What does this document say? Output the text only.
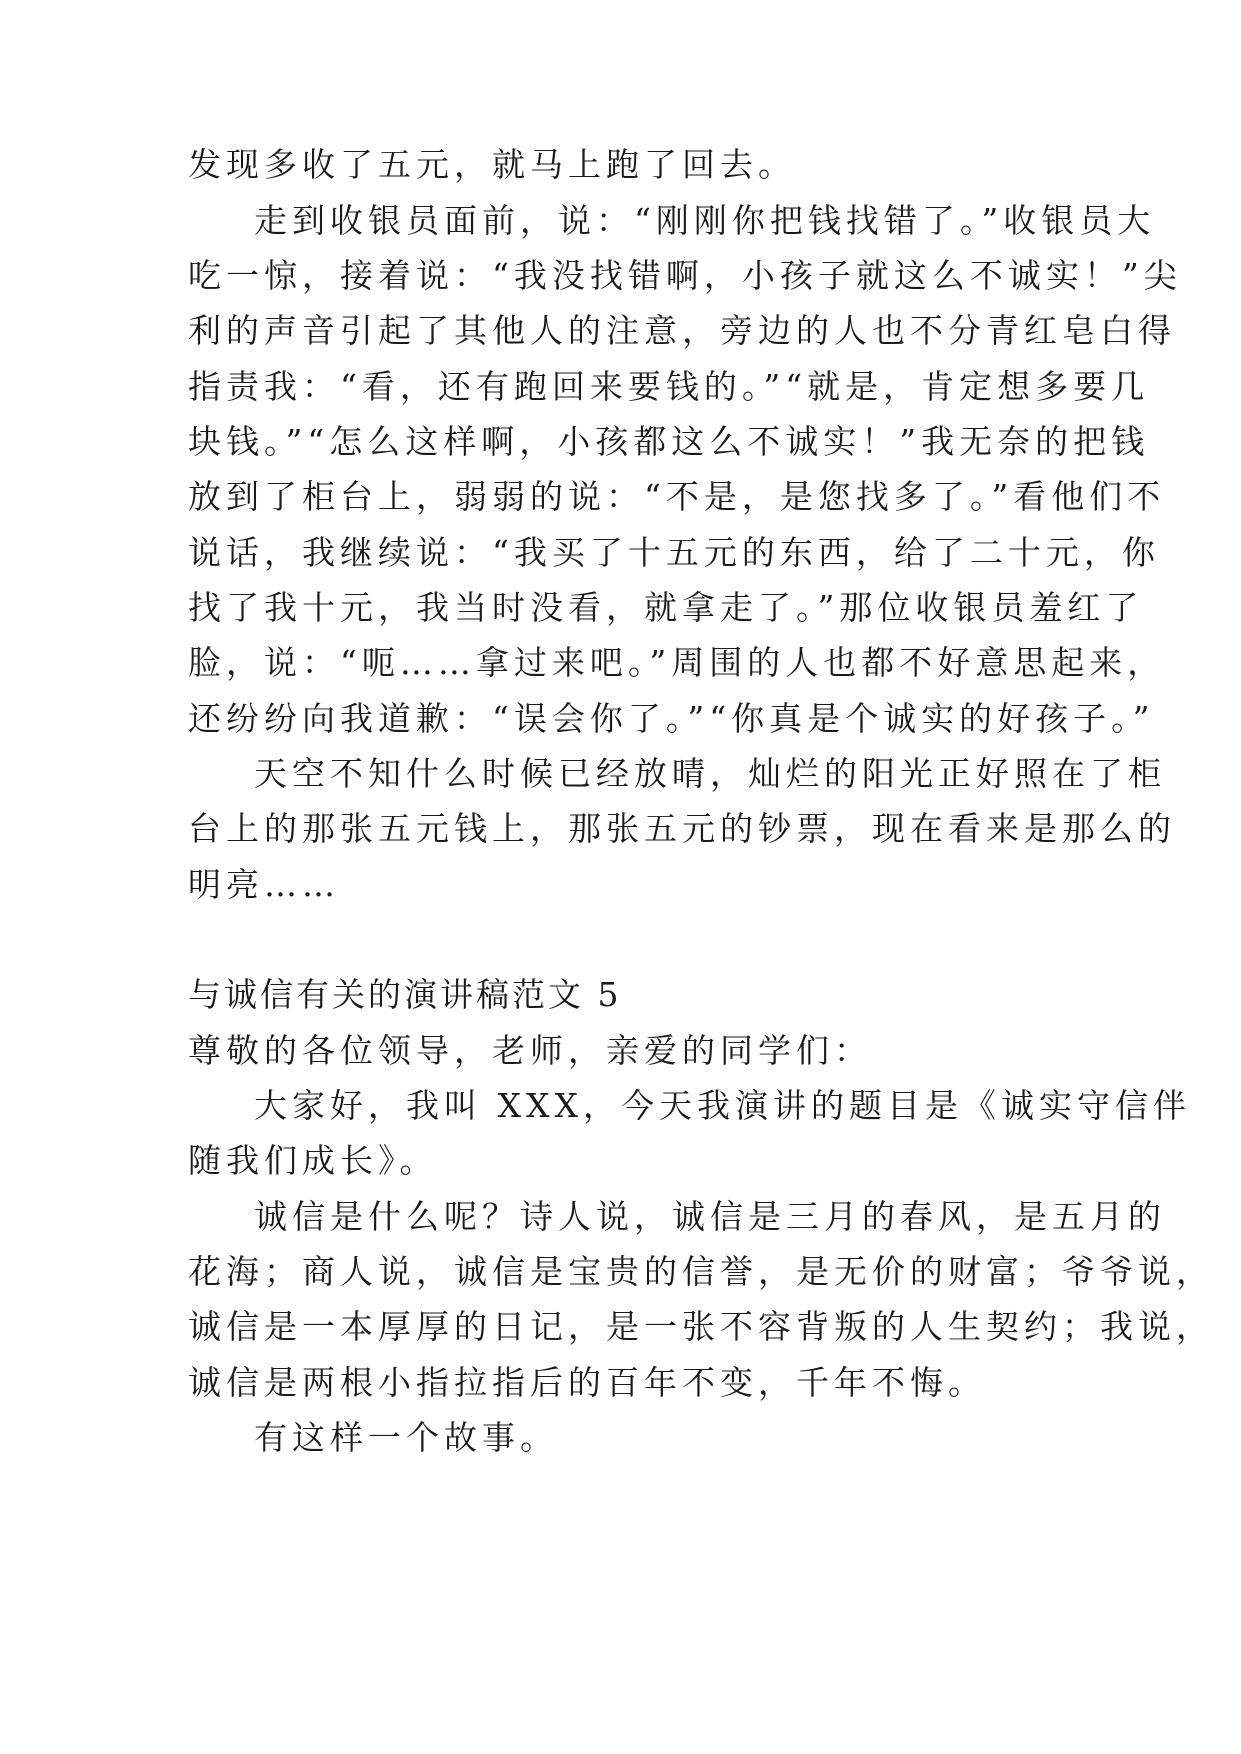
发现多收了五元，就马上跑了回去。

走到收银员面前，说：“刚刚你把钱找错了。”收银员大

吃一惊，接着说：“我没找错啊，小孩子就这么不诚实！”尖

利的声音引起了其他人的注意，旁边的人也不分青红皂白得

指责我：“看，还有跑回来要钱的。”“就是，肯定想多要几

块钱。”“怎么这样啊，小孩都这么不诚实！”我无奈的把钱

放到了柜台上，弱弱的说：“不是，是您找多了。”看他们不

说话，我继续说：“我买了十五元的东西，给了二十元，你

找了我十元，我当时没看，就拿走了。”那位收银员羞红了

脸，说：“呃……拿过来吧。”周围的人也都不好意思起来，

还纷纷向我道歉：“误会你了。”“你真是个诚实的好孩子。”

天空不知什么时候已经放晴，灿烂的阳光正好照在了柜

台上的那张五元钱上，那张五元的钞票，现在看来是那么的

明亮……

与诚信有关的演讲稿范文 5

尊敬的各位领导，老师，亲爱的同学们：

大家好，我叫 XXX，今天我演讲的题目是《诚实守信伴

随我们成长》。

诚信是什么呢？诗人说，诚信是三月的春风，是五月的

花海；商人说，诚信是宝贵的信誉，是无价的财富；爷爷说，

诚信是一本厚厚的日记，是一张不容背叛的人生契约；我说，

诚信是两根小指拉指后的百年不变，千年不悔。

有这样一个故事。
